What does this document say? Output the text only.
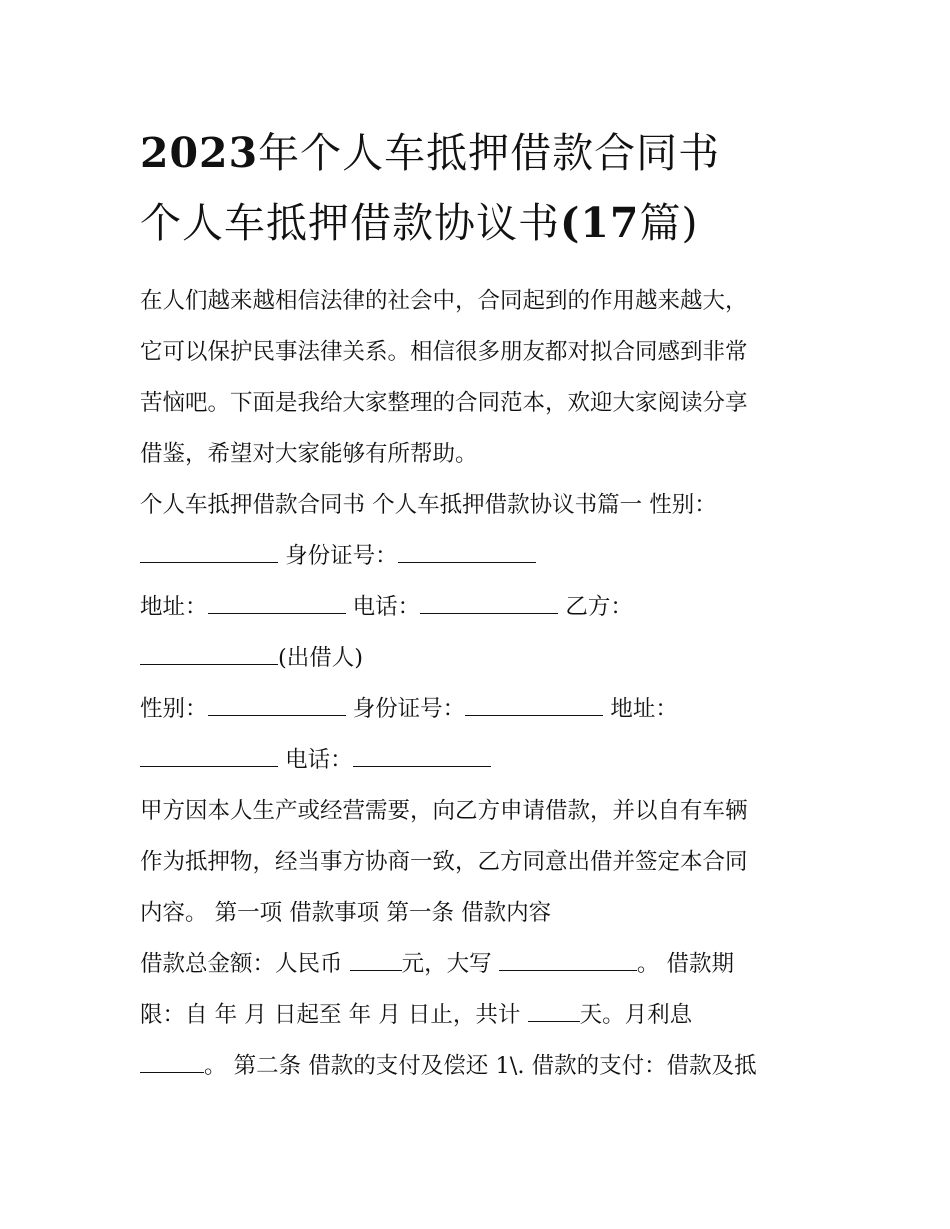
2023年个人车抵押借款合同书
个人车抵押借款协议书(17篇)
在人们越来越相信法律的社会中，合同起到的作用越来越大，
它可以保护民事法律关系。相信很多朋友都对拟合同感到非常
苦恼吧。下面是我给大家整理的合同范本，欢迎大家阅读分享
借鉴，希望对大家能够有所帮助。
个人车抵押借款合同书 个人车抵押借款协议书篇一 性别：
身份证号：
地址：	电话：	乙方：
(出借人)
性别：	身份证号：	地址：
电话：
甲方因本人生产或经营需要，向乙方申请借款，并以自有车辆
作为抵押物，经当事方协商一致，乙方同意出借并签定本合同
内容。 第一项 借款事项 第一条 借款内容
借款总金额：人民币 元，大写	。 借款期
限：自 年 月 日起至 年 月 日止，共计 天。月利息
。 第二条 借款的支付及偿还 1\. 借款的支付：借款及抵
